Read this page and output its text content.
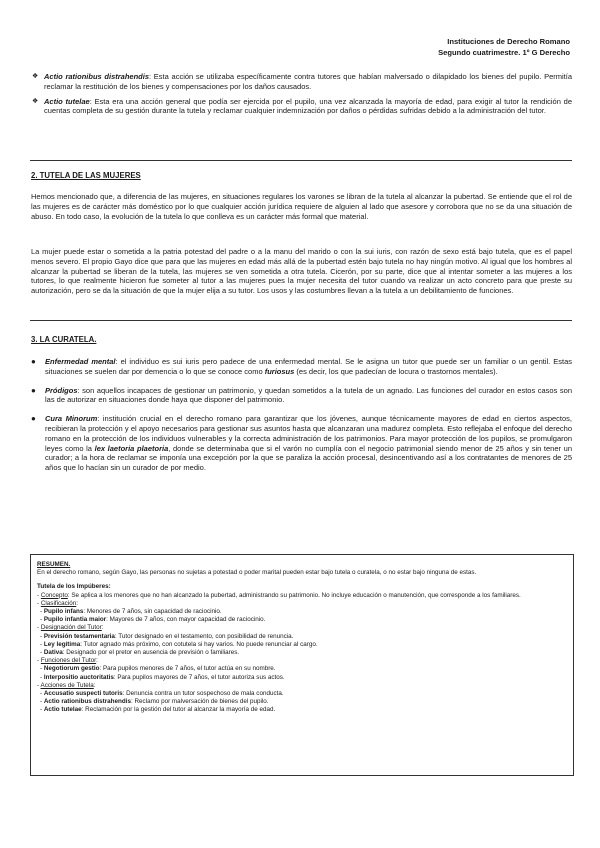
Instituciones de Derecho Romano
Segundo cuatrimestre. 1º G Derecho
❖ Actio rationibus distrahendis: Esta acción se utilizaba específicamente contra tutores que habían malversado o dilapidado los bienes del pupilo. Permitía reclamar la restitución de los bienes y compensaciones por los daños causados.
❖ Actio tutelae: Esta era una acción general que podía ser ejercida por el pupilo, una vez alcanzada la mayoría de edad, para exigir al tutor la rendición de cuentas completa de su gestión durante la tutela y reclamar cualquier indemnización por daños o pérdidas sufridas debido a la administración del tutor.
2. TUTELA DE LAS MUJERES
Hemos mencionado que, a diferencia de las mujeres, en situaciones regulares los varones se libran de la tutela al alcanzar la pubertad. Se entiende que el rol de las mujeres es de carácter más doméstico por lo que cualquier acción jurídica requiere de alguien al lado que asesore y corrobora que no se da una situación de abuso. En todo caso, la evolución de la tutela lo que conlleva es un carácter más formal que material.
La mujer puede estar o sometida a la patria potestad del padre o a la manu del marido o con la sui iuris, con razón de sexo está bajo tutela, que es el papel menos severo. El propio Gayo dice que para que las mujeres en edad más allá de la pubertad estén bajo tutela no hay ningún motivo. Al igual que los hombres al alcanzar la pubertad se liberan de la tutela, las mujeres se ven sometida a otra tutela. Cicerón, por su parte, dice que al intentar someter a las mujeres a los tutores, lo que realmente hicieron fue someter al tutor a las mujeres pues la mujer necesita del tutor cuando va realizar un acto concreto para que preste su autorización, pero se da la situación de que la mujer elija a su tutor. Los usos y las costumbres llevan a la tutela a un debilitamiento de funciones.
3. LA CURATELA.
●	Enfermedad mental: el individuo es sui iuris pero padece de una enfermedad mental. Se le asigna un tutor que puede ser un familiar o un gentil. Estas situaciones se suelen dar por demencia o lo que se conoce como furiosus (es decir, los que padecían de locura o trastornos mentales).
●	Pródigos: son aquellos incapaces de gestionar un patrimonio, y quedan sometidos a la tutela de un agnado. Las funciones del curador en estos casos son las de autorizar en situaciones donde haya que disponer del patrimonio.
●	Cura Minorum: institución crucial en el derecho romano para garantizar que los jóvenes, aunque técnicamente mayores de edad en ciertos aspectos, recibieran la protección y el apoyo necesarios para gestionar sus asuntos hasta que alcanzaran una madurez completa. Esto reflejaba el enfoque del derecho romano en la protección de los individuos vulnerables y la correcta administración de los patrimonios. Para mayor protección de los pupilos, se promulgaron leyes como la lex laetoria plaetoria, donde se determinaba que si el varón no cumplía con el negocio patrimonial siendo menor de 25 años y sin tener un curador; a la hora de reclamar se imponía una excepción por la que se paraliza la acción procesal, desincentivando así a los contratantes de menores de 25 años que lo hacían sin un curador de por medio.
RESUMEN.
En el derecho romano, según Gayo, las personas no sujetas a potestad o poder marital pueden estar bajo tutela o curatela, o no estar bajo ninguna de estas.
Tutela de los Impúberes:
- Concepto: Se aplica a los menores que no han alcanzado la pubertad, administrando su patrimonio. No incluye educación o manutención, que corresponde a los familiares.
- Clasificación:
- Pupilo infans: Menores de 7 años, sin capacidad de raciocinio.
- Pupilo infantia maior: Mayores de 7 años, con mayor capacidad de raciocinio.
- Designación del Tutor:
- Previsión testamentaria: Tutor designado en el testamento, con posibilidad de renuncia.
- Ley legítima: Tutor agnado más próximo, con cotutela si hay varios. No puede renunciar al cargo.
- Dativa: Designado por el pretor en ausencia de previsión o familiares.
- Funciones del Tutor:
- Negotiorum gestio: Para pupilos menores de 7 años, el tutor actúa en su nombre.
- Interpositio auctoritatis: Para pupilos mayores de 7 años, el tutor autoriza sus actos.
- Acciones de Tutela:
- Accusatio suspecti tutoris: Denuncia contra un tutor sospechoso de mala conducta.
- Actio rationibus distrahendis: Reclamo por malversación de bienes del pupilo.
- Actio tutelae: Reclamación por la gestión del tutor al alcanzar la mayoría de edad.
